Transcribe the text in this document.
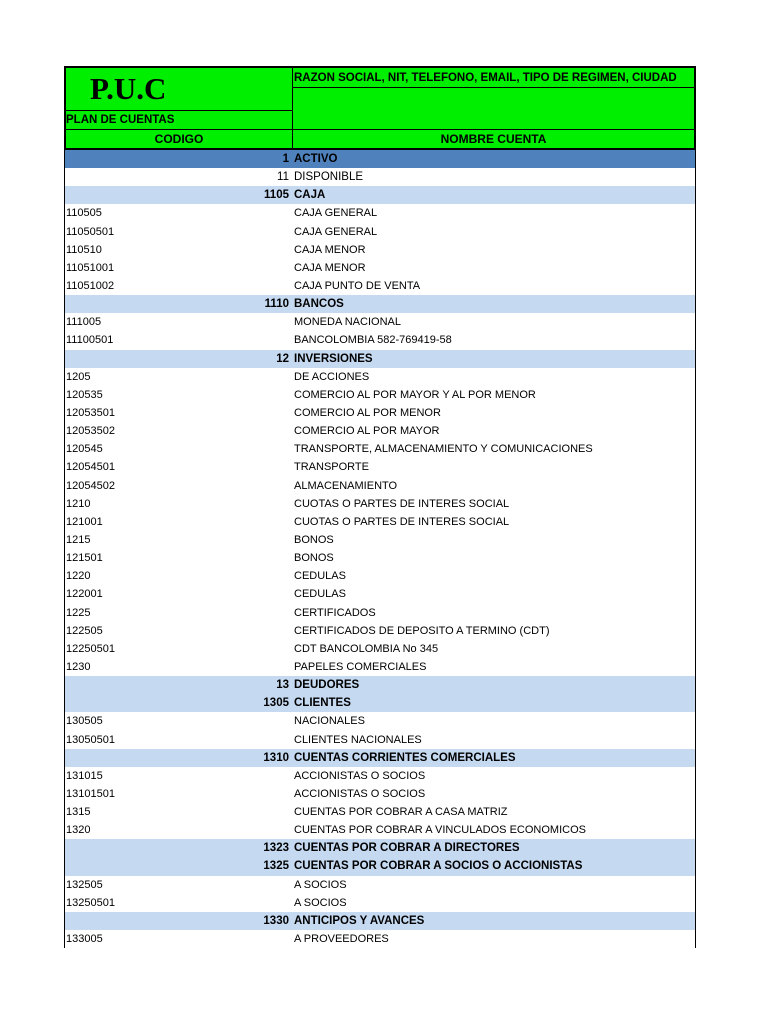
P.U.C	RAZON SOCIAL, NIT, TELEFONO, EMAIL, TIPO DE REGIMEN, CIUDAD
PLAN DE CUENTAS
CODIGO	NOMBRE CUENTA
1 ACTIVO
11 DISPONIBLE
1105 CAJA
110505	CAJA GENERAL
11050501	CAJA GENERAL
110510	CAJA MENOR
11051001	CAJA MENOR
11051002	CAJA PUNTO DE VENTA
1110 BANCOS
111005	MONEDA NACIONAL
11100501	BANCOLOMBIA 582-769419-58
12 INVERSIONES
1205	DE ACCIONES
120535	COMERCIO AL POR MAYOR Y AL POR MENOR
12053501	COMERCIO AL POR MENOR
12053502	COMERCIO AL POR MAYOR
120545	TRANSPORTE, ALMACENAMIENTO Y COMUNICACIONES
12054501	TRANSPORTE
12054502	ALMACENAMIENTO
1210	CUOTAS O PARTES DE INTERES SOCIAL
121001	CUOTAS O PARTES DE INTERES SOCIAL
1215	BONOS
121501	BONOS
1220	CEDULAS
122001	CEDULAS
1225	CERTIFICADOS
122505	CERTIFICADOS DE DEPOSITO A TERMINO (CDT)
12250501	CDT BANCOLOMBIA No 345
1230	PAPELES COMERCIALES
13 DEUDORES
1305 CLIENTES
130505	NACIONALES
13050501	CLIENTES NACIONALES
1310 CUENTAS CORRIENTES COMERCIALES
131015	ACCIONISTAS O SOCIOS
13101501	ACCIONISTAS O SOCIOS
1315	CUENTAS POR COBRAR A CASA MATRIZ
1320	CUENTAS POR COBRAR A VINCULADOS ECONOMICOS
1323 CUENTAS POR COBRAR A DIRECTORES
1325 CUENTAS POR COBRAR A SOCIOS O ACCIONISTAS
132505	A SOCIOS
13250501	A SOCIOS
1330 ANTICIPOS Y AVANCES
133005	A PROVEEDORES
